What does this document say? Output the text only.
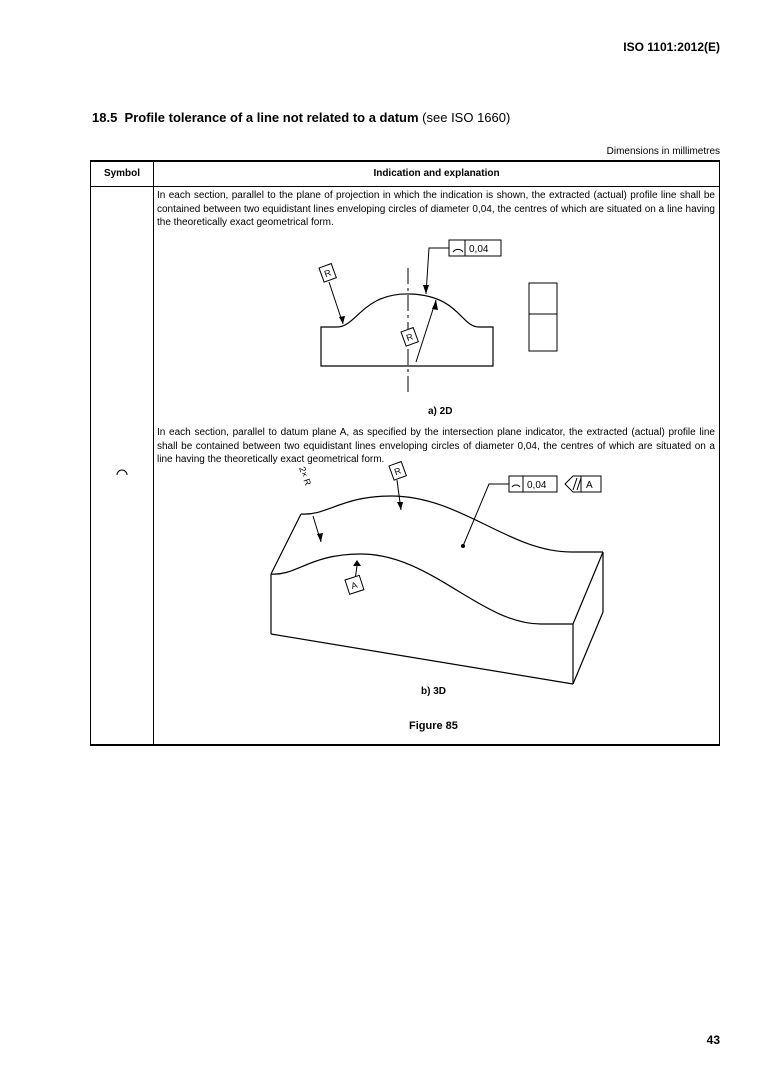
ISO 1101:2012(E)
18.5 Profile tolerance of a line not related to a datum (see ISO 1660)
Dimensions in millimetres
Symbol	Indication and explanation
In each section, parallel to the plane of projection in which the indication is shown, the extracted (actual) profile line shall be contained between two equidistant lines enveloping circles of diameter 0,04, the centres of which are situated on a line having the theoretically exact geometrical form.
0,04
R
R
a) 2D
In each section, parallel to datum plane A, as specified by the intersection plane indicator, the extracted (actual) profile line shall be contained between two equidistant lines enveloping circles of diameter 0,04, the centres of which are situated on a line having the theoretically exact geometrical form.
0,04	A
2× R	R
A
b) 3D
Figure 85
43
